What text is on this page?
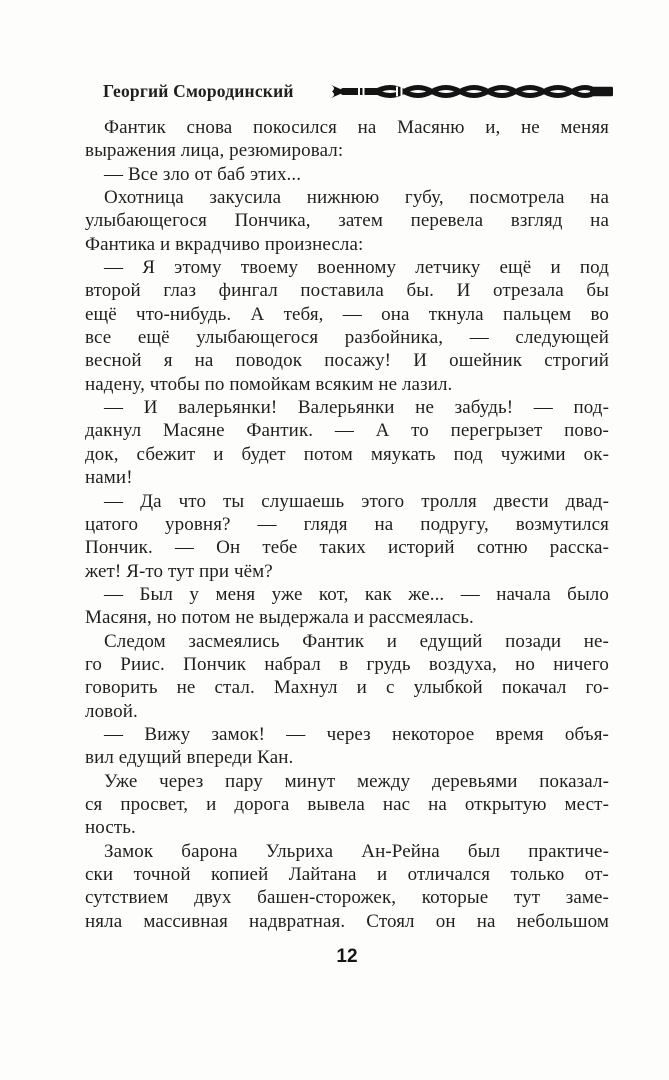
Георгий Смородинский
Фантик снова покосился на Масяню и, не меняя
выражения лица, резюмировал:
— Все зло от баб этих...
Охотница закусила нижнюю губу, посмотрела на
улыбающегося Пончика, затем перевела взгляд на
Фантика и вкрадчиво произнесла:
— Я этому твоему военному летчику ещё и под
второй глаз фингал поставила бы. И отрезала бы
ещё что-нибудь. А тебя, — она ткнула пальцем во
все ещё улыбающегося разбойника, — следующей
весной я на поводок посажу! И ошейник строгий
надену, чтобы по помойкам всяким не лазил.
— И валерьянки! Валерьянки не забудь! — под-
дакнул Масяне Фантик. — А то перегрызет пово-
док, сбежит и будет потом мяукать под чужими ок-
нами!
— Да что ты слушаешь этого тролля двести двад-
цатого уровня? — глядя на подругу, возмутился
Пончик. — Он тебе таких историй сотню расска-
жет! Я-то тут при чём?
— Был у меня уже кот, как же... — начала было
Масяня, но потом не выдержала и рассмеялась.
Следом засмеялись Фантик и едущий позади не-
го Риис. Пончик набрал в грудь воздуха, но ничего
говорить не стал. Махнул и с улыбкой покачал го-
ловой.
— Вижу замок! — через некоторое время объя-
вил едущий впереди Кан.
Уже через пару минут между деревьями показал-
ся просвет, и дорога вывела нас на открытую мест-
ность.
Замок барона Ульриха Ан-Рейна был практиче-
ски точной копией Лайтана и отличался только от-
сутствием двух башен-сторожек, которые тут заме-
няла массивная надвратная. Стоял он на небольшом
12
